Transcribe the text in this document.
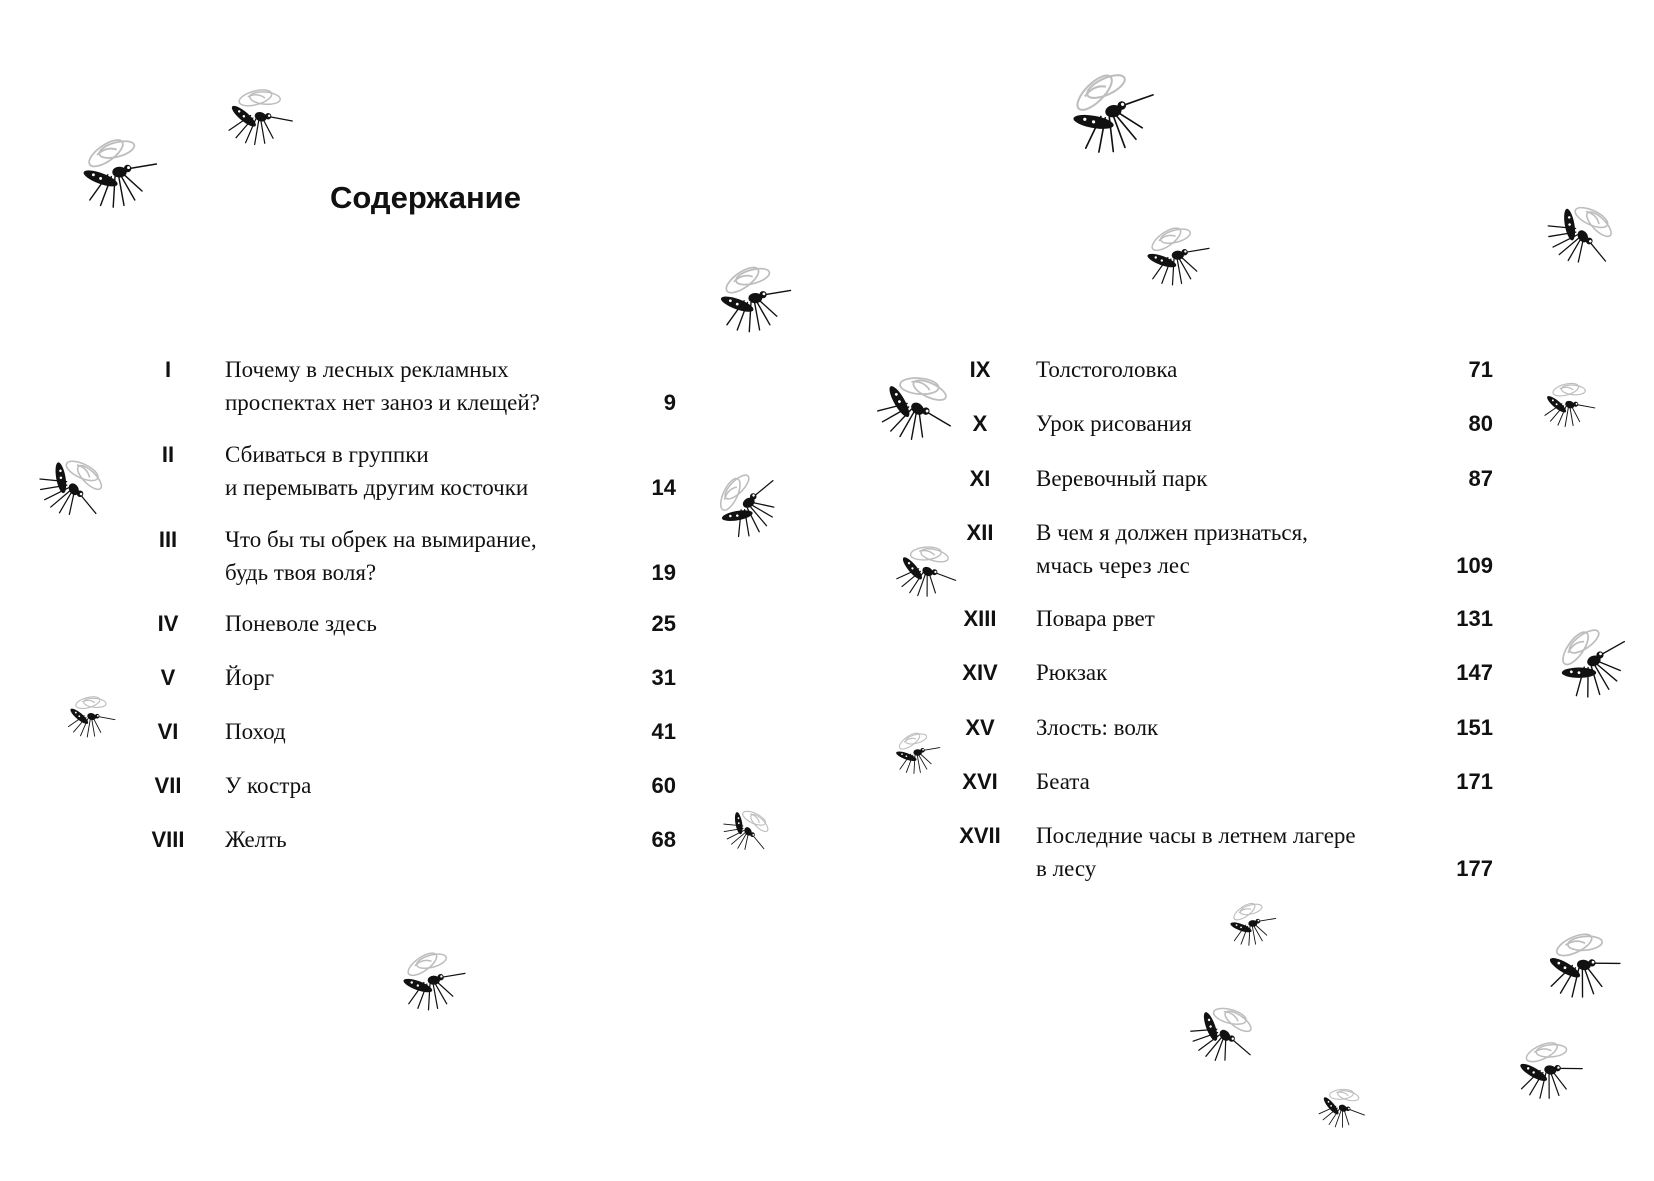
Содержание
I	Почему в лесных рекламных
проспектах нет заноз и клещей?	9
II	Сбиваться в группки
и перемывать другим косточки	14
III	Что бы ты обрек на вымирание,
будь твоя воля?	19
IV	Поневоле здесь	25
V	Йорг	31
VI	Поход	41
VII	У костра	60
VIII	Желть	68
IX	Толстоголовка	71
X	Урок рисования	80
XI	Веревочный парк	87
XII	В чем я должен признаться,
мчась через лес	109
XIII	Повара рвет	131
XIV	Рюкзак	147
XV	Злость: волк	151
XVI	Беата	171
XVII	Последние часы в летнем лагере
в лесу	177
